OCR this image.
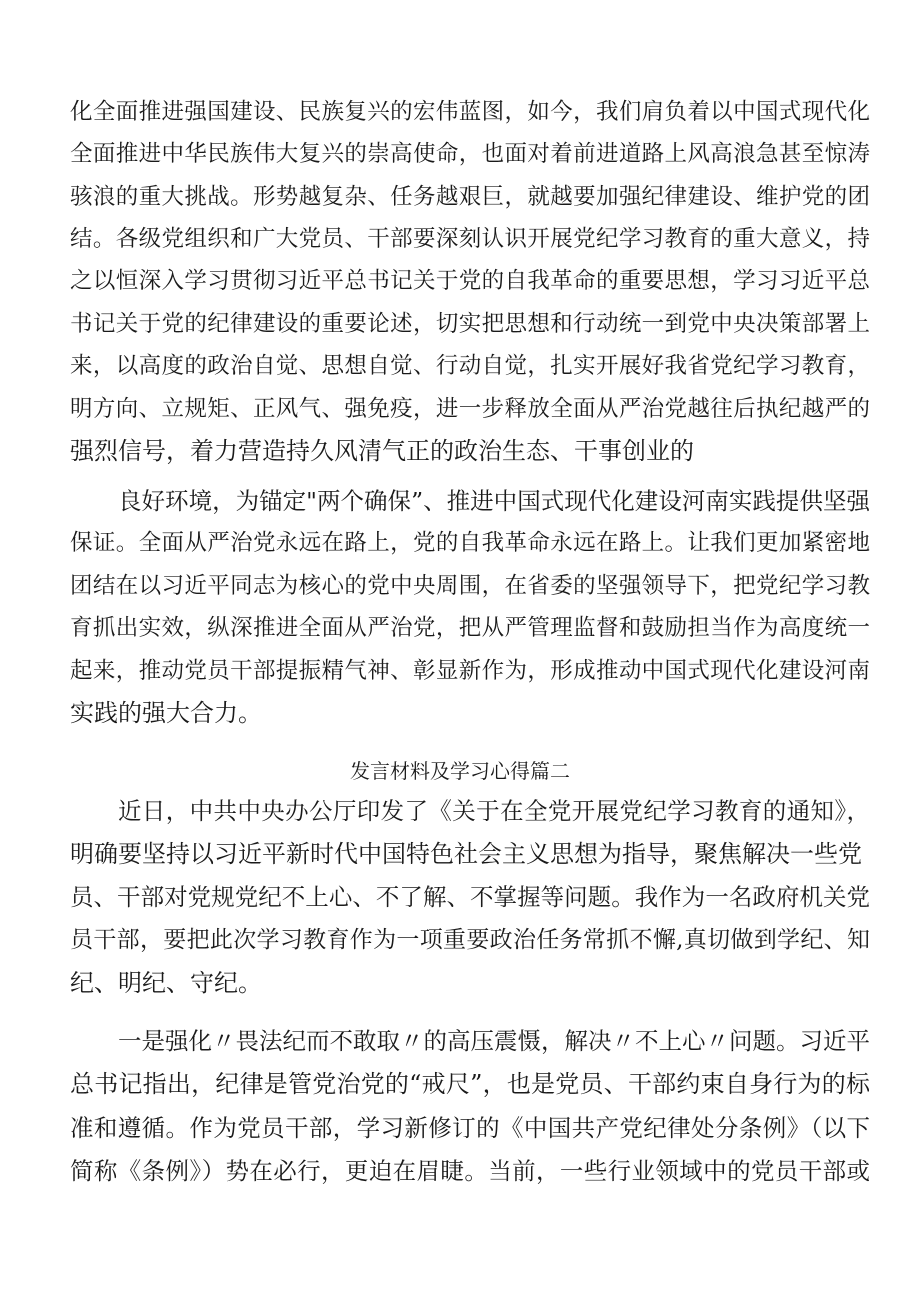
化全面推进强国建设、民族复兴的宏伟蓝图，如今，我们肩负着以中国式现代化
全面推进中华民族伟大复兴的崇高使命，也面对着前进道路上风高浪急甚至惊涛
骇浪的重大挑战。形势越复杂、任务越艰巨，就越要加强纪律建设、维护党的团
结。各级党组织和广大党员、干部要深刻认识开展党纪学习教育的重大意义，持
之以恒深入学习贯彻习近平总书记关于党的自我革命的重要思想，学习习近平总
书记关于党的纪律建设的重要论述，切实把思想和行动统一到党中央决策部署上
来，以高度的政治自觉、思想自觉、行动自觉，扎实开展好我省党纪学习教育，
明方向、立规矩、正风气、强免疫，进一步释放全面从严治党越往后执纪越严的
强烈信号，着力营造持久风清气正的政治生态、干事创业的
良好环境，为锚定"两个确保”、推进中国式现代化建设河南实践提供坚强
保证。全面从严治党永远在路上，党的自我革命永远在路上。让我们更加紧密地
团结在以习近平同志为核心的党中央周围，在省委的坚强领导下，把党纪学习教
育抓出实效，纵深推进全面从严治党，把从严管理监督和鼓励担当作为高度统一
起来，推动党员干部提振精气神、彰显新作为，形成推动中国式现代化建设河南
实践的强大合力。
发言材料及学习心得篇二
近日，中共中央办公厅印发了《关于在全党开展党纪学习教育的通知》，
明确要坚持以习近平新时代中国特色社会主义思想为指导，聚焦解决一些党
员、干部对党规党纪不上心、不了解、不掌握等问题。我作为一名政府机关党
员干部，要把此次学习教育作为一项重要政治任务常抓不懈,真切做到学纪、知
纪、明纪、守纪。
一是强化〃畏法纪而不敢取〃的高压震慑，解决〃不上心〃问题。习近平
总书记指出，纪律是管党治党的“戒尺”，也是党员、干部约束自身行为的标
准和遵循。作为党员干部，学习新修订的《中国共产党纪律处分条例》（以下
简称《条例》）势在必行，更迫在眉睫。当前，一些行业领域中的党员干部或
